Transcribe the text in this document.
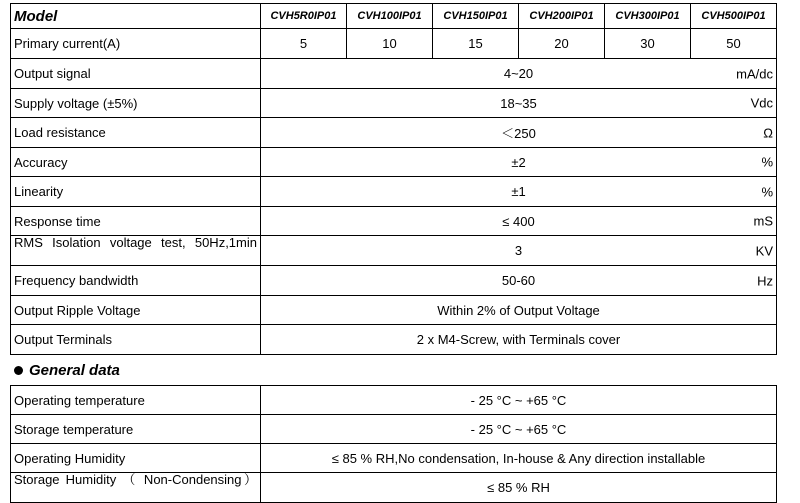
Model	CVH5R0IP01	CVH100IP01	CVH150IP01	CVH200IP01	CVH300IP01	CVH500IP01
Primary current(A)	5	10	15	20	30	50
Output signal	4~20 mA/dc					

Supply voltage (±5%)	18~35 Vdc					

Load resistance	＜250 Ω					

Accuracy	±2 %					

Linearity	±1 %					

Response time	≤ 400 mS					

RMS Isolation voltage test, 50Hz,1min	3 KV					

Frequency bandwidth	50-60 Hz					

Output Ripple Voltage	Within 2% of Output Voltage					
Output Terminals	2 x M4-Screw, with Terminals cover					
General data
Operating temperature	- 25 °C ~ +65 °C
Storage temperature	- 25 °C ~ +65 °C
Operating Humidity	≤ 85 % RH,No condensation, In-house & Any direction installable
Storage Humidity （ Non-Condensing）	≤ 85 % RH
